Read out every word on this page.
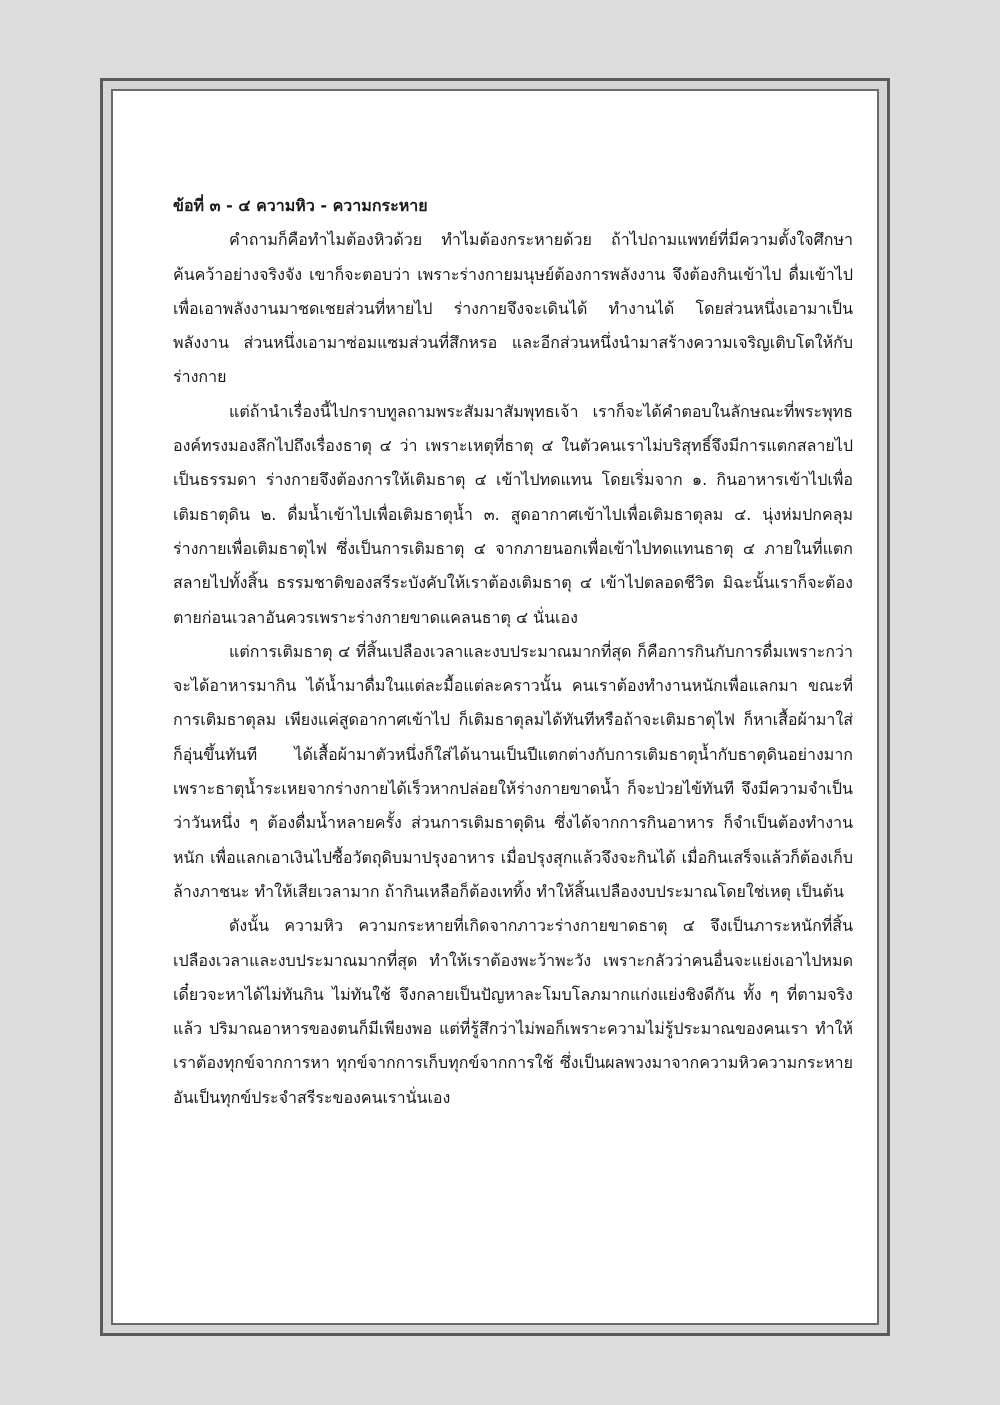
ข้อที่ ๓ - ๔ ความหิว - ความกระหาย

คำถามก็คือทำไมต้องหิวด้วย ทำไมต้องกระหายด้วย ถ้าไปถามแพทย์ที่มีความตั้งใจศึกษาค้นคว้าอย่างจริงจัง เขาก็จะตอบว่า เพราะร่างกายมนุษย์ต้องการพลังงาน จึงต้องกินเข้าไป ดื่มเข้าไป เพื่อเอาพลังงานมาชดเชยส่วนที่หายไป ร่างกายจึงจะเดินได้ ทำงานได้ โดยส่วนหนึ่งเอามาเป็นพลังงาน ส่วนหนึ่งเอามาซ่อมแซมส่วนที่สึกหรอ และอีกส่วนหนึ่งนำมาสร้างความเจริญเติบโตให้กับร่างกาย

แต่ถ้านำเรื่องนี้ไปกราบทูลถามพระสัมมาสัมพุทธเจ้า เราก็จะได้คำตอบในลักษณะที่พระพุทธองค์ทรงมองลึกไปถึงเรื่องธาตุ ๔ ว่า เพราะเหตุที่ธาตุ ๔ ในตัวคนเราไม่บริสุทธิ์จึงมีการแตกสลายไปเป็นธรรมดา ร่างกายจึงต้องการให้เติมธาตุ ๔ เข้าไปทดแทน โดยเริ่มจาก ๑. กินอาหารเข้าไปเพื่อเติมธาตุดิน ๒. ดื่มน้ำเข้าไปเพื่อเติมธาตุน้ำ ๓. สูดอากาศเข้าไปเพื่อเติมธาตุลม ๔. นุ่งห่มปกคลุมร่างกายเพื่อเติมธาตุไฟ ซึ่งเป็นการเติมธาตุ ๔ จากภายนอกเพื่อเข้าไปทดแทนธาตุ ๔ ภายในที่แตกสลายไปทั้งสิ้น ธรรมชาติของสรีระบังคับให้เราต้องเติมธาตุ ๔ เข้าไปตลอดชีวิต มิฉะนั้นเราก็จะต้องตายก่อนเวลาอันควรเพราะร่างกายขาดแคลนธาตุ ๔ นั่นเอง

แต่การเติมธาตุ ๔ ที่สิ้นเปลืองเวลาและงบประมาณมากที่สุด ก็คือการกินกับการดื่มเพราะกว่าจะได้อาหารมากิน ได้น้ำมาดื่มในแต่ละมื้อแต่ละคราวนั้น คนเราต้องทำงานหนักเพื่อแลกมา ขณะที่การเติมธาตุลม เพียงแค่สูดอากาศเข้าไป ก็เติมธาตุลมได้ทันทีหรือถ้าจะเติมธาตุไฟ ก็หาเสื้อผ้ามาใส่ ก็อุ่นขึ้นทันที ได้เสื้อผ้ามาตัวหนึ่งก็ใส่ได้นานเป็นปีแตกต่างกับการเติมธาตุน้ำกับธาตุดินอย่างมาก เพราะธาตุน้ำระเหยจากร่างกายได้เร็วหากปล่อยให้ร่างกายขาดน้ำ ก็จะป่วยไข้ทันที จึงมีความจำเป็นว่าวันหนึ่ง ๆ ต้องดื่มน้ำหลายครั้ง ส่วนการเติมธาตุดิน ซึ่งได้จากการกินอาหาร ก็จำเป็นต้องทำงานหนัก เพื่อแลกเอาเงินไปซื้อวัตถุดิบมาปรุงอาหาร เมื่อปรุงสุกแล้วจึงจะกินได้ เมื่อกินเสร็จแล้วก็ต้องเก็บล้างภาชนะ ทำให้เสียเวลามาก ถ้ากินเหลือก็ต้องเททิ้ง ทำให้สิ้นเปลืองงบประมาณโดยใช่เหตุ เป็นต้น

ดังนั้น ความหิว ความกระหายที่เกิดจากภาวะร่างกายขาดธาตุ ๔ จึงเป็นภาระหนักที่สิ้นเปลืองเวลาและงบประมาณมากที่สุด ทำให้เราต้องพะว้าพะวัง เพราะกลัวว่าคนอื่นจะแย่งเอาไปหมด เดี๋ยวจะหาได้ไม่ทันกิน ไม่ทันใช้ จึงกลายเป็นปัญหาละโมบโลภมากแก่งแย่งชิงดีกัน ทั้ง ๆ ที่ตามจริงแล้ว ปริมาณอาหารของตนก็มีเพียงพอ แต่ที่รู้สึกว่าไม่พอก็เพราะความไม่รู้ประมาณของคนเรา ทำให้เราต้องทุกข์จากการหา ทุกข์จากการเก็บทุกข์จากการใช้ ซึ่งเป็นผลพวงมาจากความหิวความกระหายอันเป็นทุกข์ประจำสรีระของคนเรานั่นเอง
